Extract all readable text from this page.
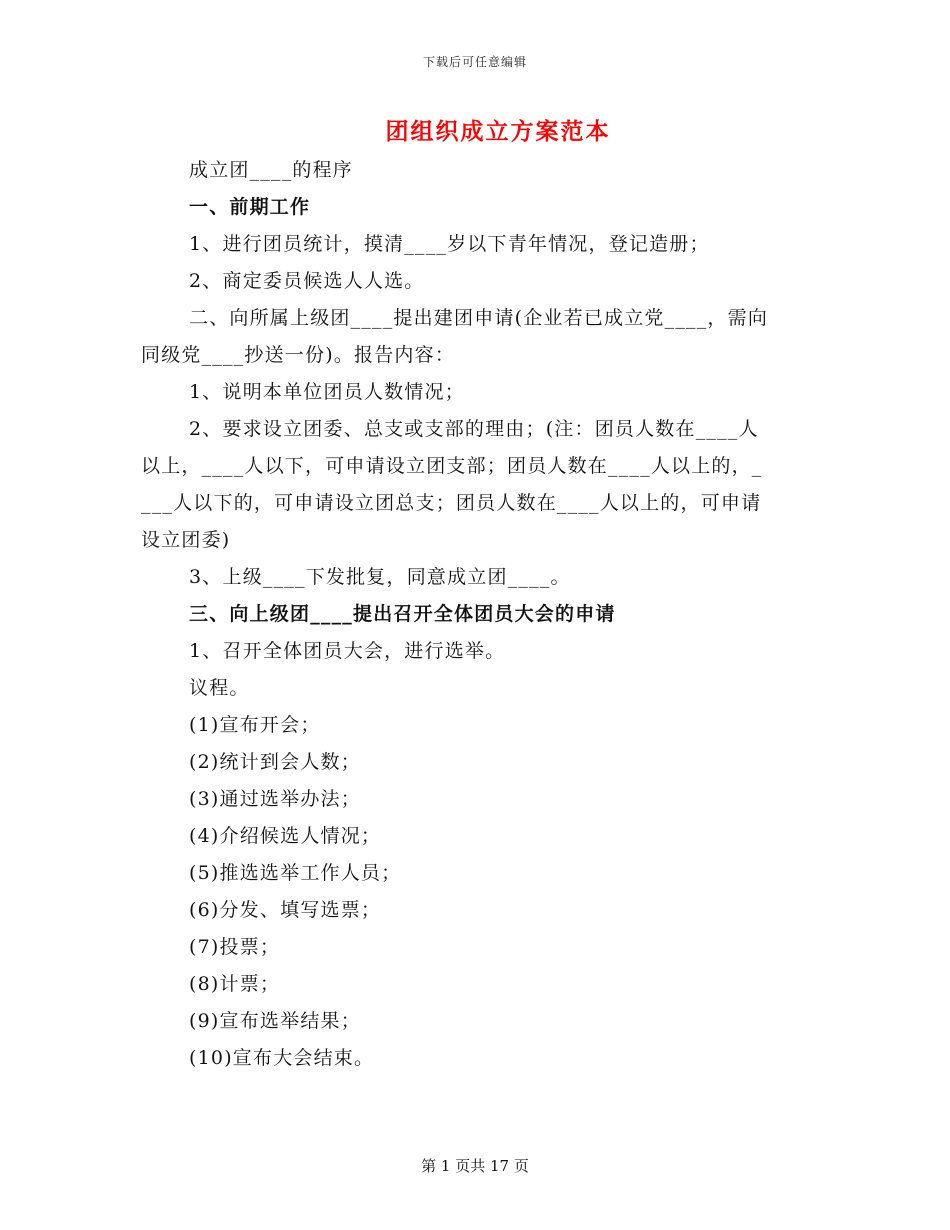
下载后可任意编辑
团组织成立方案范本
成立团____的程序
一、前期工作
1、进行团员统计，摸清____岁以下青年情况，登记造册；
2、商定委员候选人人选。
二、向所属上级团____提出建团申请(企业若已成立党____，需向
同级党____抄送一份)。报告内容：
1、说明本单位团员人数情况；
2、要求设立团委、总支或支部的理由；(注：团员人数在____人
以上，____人以下，可申请设立团支部；团员人数在____人以上的，_
___人以下的，可申请设立团总支；团员人数在____人以上的，可申请
设立团委)
3、上级____下发批复，同意成立团____。
三、向上级团____提出召开全体团员大会的申请
1、召开全体团员大会，进行选举。
议程。
(1)宣布开会；
(2)统计到会人数；
(3)通过选举办法；
(4)介绍候选人情况；
(5)推选选举工作人员；
(6)分发、填写选票；
(7)投票；
(8)计票；
(9)宣布选举结果；
(10)宣布大会结束。
第 1 页共 17 页
